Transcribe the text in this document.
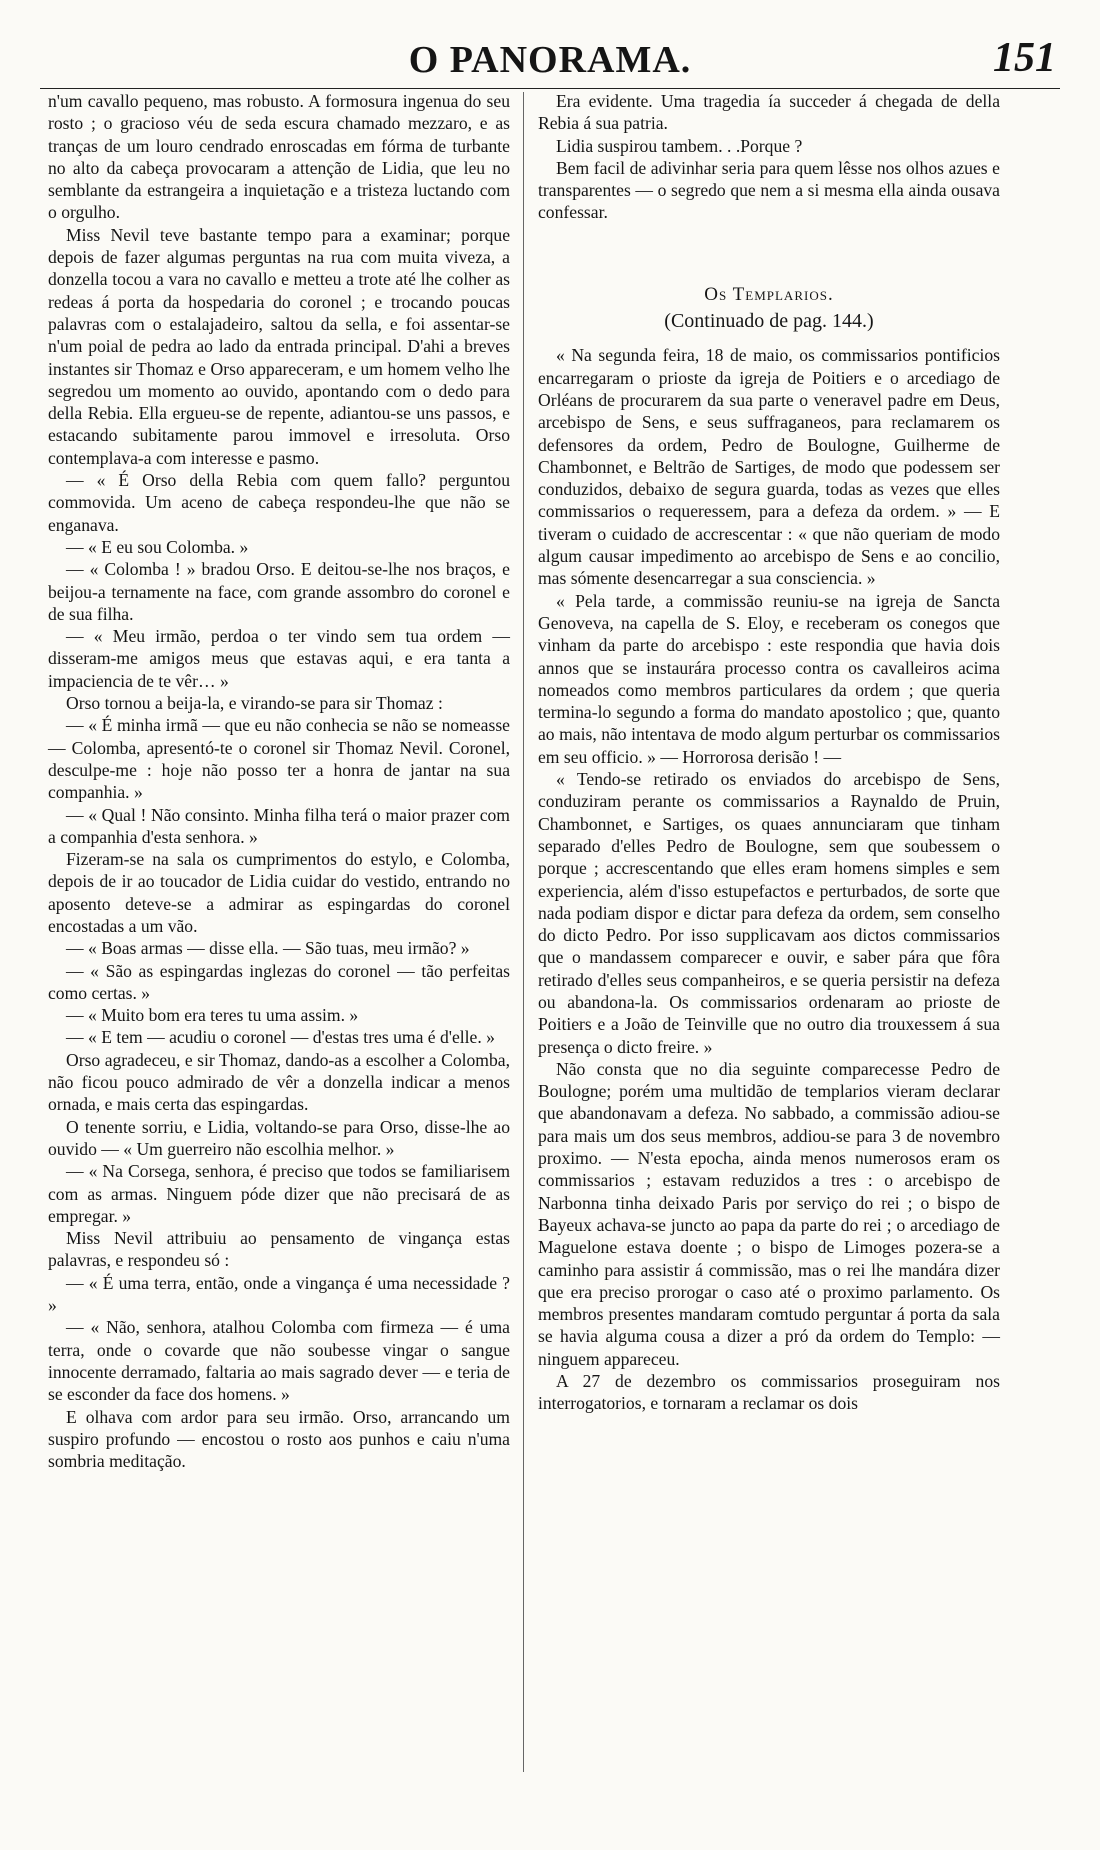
O PANORAMA.	151

n'um cavallo pequeno, mas robusto. A formosura ingenua do seu rosto ; o gracioso véu de seda escura chamado mezzaro, e as tranças de um louro cendrado enroscadas em fórma de turbante no alto da cabeça provocaram a attenção de Lidia, que leu no semblante da estrangeira a inquietação e a tristeza luctando com o orgulho.

Miss Nevil teve bastante tempo para a examinar; porque depois de fazer algumas perguntas na rua com muita viveza, a donzella tocou a vara no cavallo e metteu a trote até lhe colher as redeas á porta da hospedaria do coronel ; e trocando poucas palavras com o estalajadeiro, saltou da sella, e foi assentar-se n'um poial de pedra ao lado da entrada principal. D'ahi a breves instantes sir Thomaz e Orso appareceram, e um homem velho lhe segredou um momento ao ouvido, apontando com o dedo para della Rebia. Ella ergueu-se de repente, adiantou-se uns passos, e estacando subitamente parou immovel e irresoluta. Orso contemplava-a com interesse e pasmo.

— « É Orso della Rebia com quem fallo? perguntou commovida. Um aceno de cabeça respondeu-lhe que não se enganava.

— « E eu sou Colomba. »

— « Colomba ! » bradou Orso. E deitou-se-lhe nos braços, e beijou-a ternamente na face, com grande assombro do coronel e de sua filha.

— « Meu irmão, perdoa o ter vindo sem tua ordem — disseram-me amigos meus que estavas aqui, e era tanta a impaciencia de te vêr… »

Orso tornou a beija-la, e virando-se para sir Thomaz :

— « É minha irmã — que eu não conhecia se não se nomeasse — Colomba, apresentó-te o coronel sir Thomaz Nevil. Coronel, desculpe-me : hoje não posso ter a honra de jantar na sua companhia. »

— « Qual ! Não consinto. Minha filha terá o maior prazer com a companhia d'esta senhora. »

Fizeram-se na sala os cumprimentos do estylo, e Colomba, depois de ir ao toucador de Lidia cuidar do vestido, entrando no aposento deteve-se a admirar as espingardas do coronel encostadas a um vão.

— « Boas armas — disse ella. — São tuas, meu irmão? »

— « São as espingardas inglezas do coronel — tão perfeitas como certas. »

— « Muito bom era teres tu uma assim. »

— « E tem — acudiu o coronel — d'estas tres uma é d'elle. »

Orso agradeceu, e sir Thomaz, dando-as a escolher a Colomba, não ficou pouco admirado de vêr a donzella indicar a menos ornada, e mais certa das espingardas.

O tenente sorriu, e Lidia, voltando-se para Orso, disse-lhe ao ouvido — « Um guerreiro não escolhia melhor. »

— « Na Corsega, senhora, é preciso que todos se familiarisem com as armas. Ninguem póde dizer que não precisará de as empregar. »

Miss Nevil attribuiu ao pensamento de vingança estas palavras, e respondeu só :

— « É uma terra, então, onde a vingança é uma necessidade ? »

— « Não, senhora, atalhou Colomba com firmeza — é uma terra, onde o covarde que não soubesse vingar o sangue innocente derramado, faltaria ao mais sagrado dever — e teria de se esconder da face dos homens. »

E olhava com ardor para seu irmão. Orso, arrancando um suspiro profundo — encostou o rosto aos punhos e caiu n'uma sombria meditação.

Era evidente. Uma tragedia ía succeder á chegada de della Rebia á sua patria.

Lidia suspirou tambem. . .Porque ?

Bem facil de adivinhar seria para quem lêsse nos olhos azues e transparentes — o segredo que nem a si mesma ella ainda ousava confessar.

Os Templarios.
(Continuado de pag. 144.)

« Na segunda feira, 18 de maio, os commissarios pontificios encarregaram o prioste da igreja de Poitiers e o arcediago de Orléans de procurarem da sua parte o veneravel padre em Deus, arcebispo de Sens, e seus suffraganeos, para reclamarem os defensores da ordem, Pedro de Boulogne, Guilherme de Chambonnet, e Beltrão de Sartiges, de modo que podessem ser conduzidos, debaixo de segura guarda, todas as vezes que elles commissarios o requeressem, para a defeza da ordem. » — E tiveram o cuidado de accrescentar : « que não queriam de modo algum causar impedimento ao arcebispo de Sens e ao concilio, mas sómente desencarregar a sua consciencia. »

« Pela tarde, a commissão reuniu-se na igreja de Sancta Genoveva, na capella de S. Eloy, e receberam os conegos que vinham da parte do arcebispo : este respondia que havia dois annos que se instaurára processo contra os cavalleiros acima nomeados como membros particulares da ordem ; que queria termina-lo segundo a forma do mandato apostolico ; que, quanto ao mais, não intentava de modo algum perturbar os commissarios em seu officio. » — Horrorosa derisão ! —

« Tendo-se retirado os enviados do arcebispo de Sens, conduziram perante os commissarios a Raynaldo de Pruin, Chambonnet, e Sartiges, os quaes annunciaram que tinham separado d'elles Pedro de Boulogne, sem que soubessem o porque ; accrescentando que elles eram homens simples e sem experiencia, além d'isso estupefactos e perturbados, de sorte que nada podiam dispor e dictar para defeza da ordem, sem conselho do dicto Pedro. Por isso supplicavam aos dictos commissarios que o mandassem comparecer e ouvir, e saber pára que fôra retirado d'elles seus companheiros, e se queria persistir na defeza ou abandona-la. Os commissarios ordenaram ao prioste de Poitiers e a João de Teinville que no outro dia trouxessem á sua presença o dicto freire. »

Não consta que no dia seguinte comparecesse Pedro de Boulogne; porém uma multidão de templarios vieram declarar que abandonavam a defeza. No sabbado, a commissão adiou-se para mais um dos seus membros, addiou-se para 3 de novembro proximo. — N'esta epocha, ainda menos numerosos eram os commissarios ; estavam reduzidos a tres : o arcebispo de Narbonna tinha deixado Paris por serviço do rei ; o bispo de Bayeux achava-se juncto ao papa da parte do rei ; o arcediago de Maguelone estava doente ; o bispo de Limoges pozera-se a caminho para assistir á commissão, mas o rei lhe mandára dizer que era preciso prorogar o caso até o proximo parlamento. Os membros presentes mandaram comtudo perguntar á porta da sala se havia alguma cousa a dizer a pró da ordem do Templo: — ninguem appareceu.

A 27 de dezembro os commissarios proseguiram nos interrogatorios, e tornaram a reclamar os dois
